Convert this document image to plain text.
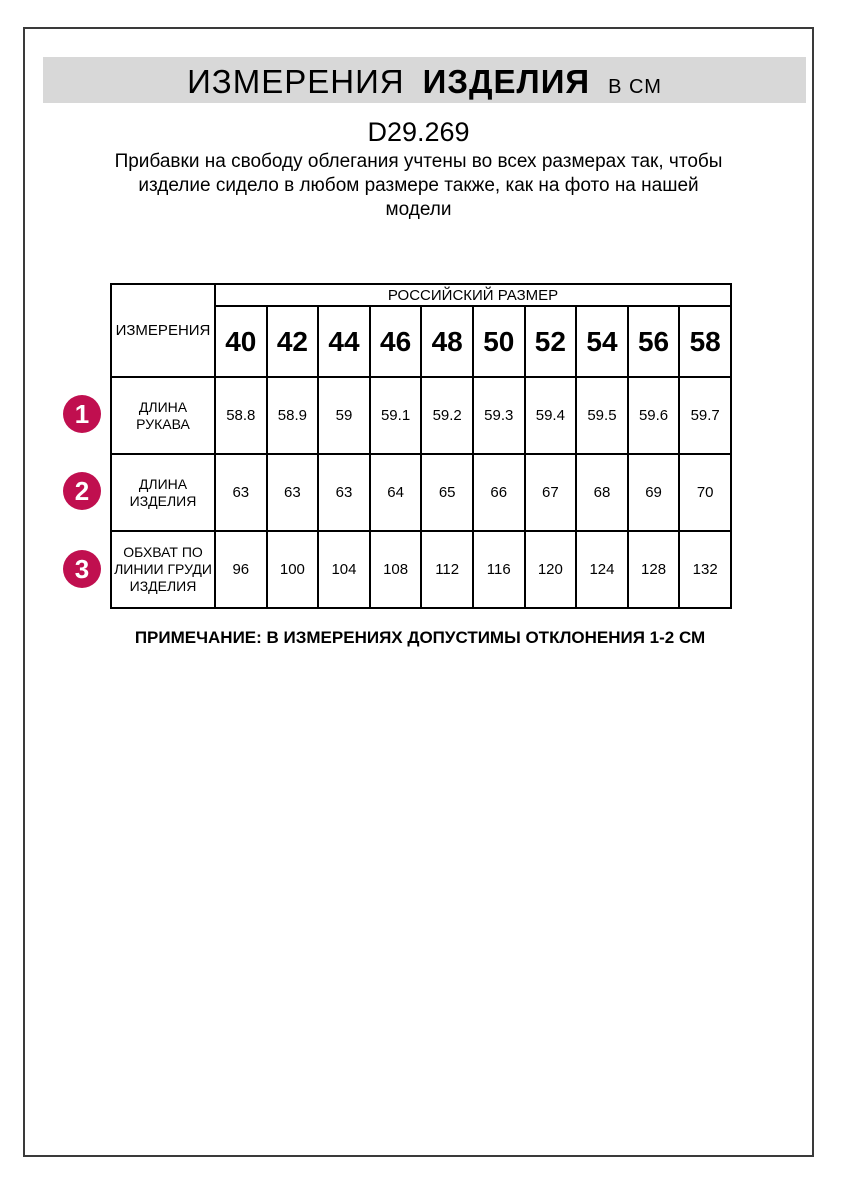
ИЗМЕРЕНИЯ ИЗДЕЛИЯ В СМ
D29.269
Прибавки на свободу облегания учтены во всех размерах так, чтобы
изделие сидело в любом размере также, как на фото на нашей
модели
ИЗМЕРЕНИЯ	РОССИЙСКИЙ РАЗМЕР									
	40	42	44	46	48	50	52	54	56	58
ДЛИНА РУКАВА	58.8	58.9	59	59.1	59.2	59.3	59.4	59.5	59.6	59.7
ДЛИНА ИЗДЕЛИЯ	63	63	63	64	65	66	67	68	69	70
ОБХВАТ ПО ЛИНИИ ГРУДИ ИЗДЕЛИЯ	96	100	104	108	112	116	120	124	128	132
1
2
3
ПРИМЕЧАНИЕ: В ИЗМЕРЕНИЯХ ДОПУСТИМЫ ОТКЛОНЕНИЯ 1-2 СМ
